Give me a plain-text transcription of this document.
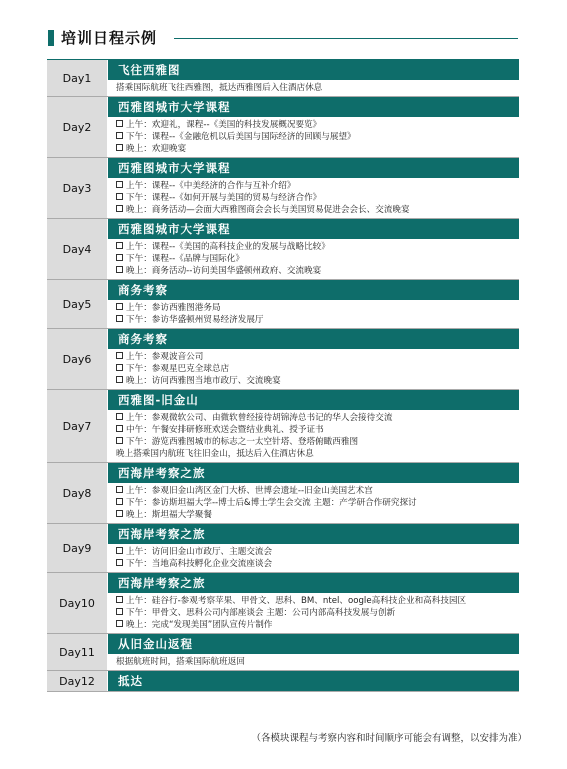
培训日程示例
Day1
飞往西雅图
搭乘国际航班飞往西雅图，抵达西雅图后入住酒店休息
Day2
西雅图城市大学课程
上午：欢迎礼，课程--《美国的科技发展概况要览》
下午：课程--《金融危机以后美国与国际经济的回顾与展望》
晚上：欢迎晚宴
Day3
西雅图城市大学课程
上午：课程--《中美经济的合作与互补介绍》
下午：课程--《如何开展与美国的贸易与经济合作》
晚上：商务活动—会面大西雅图商会会长与美国贸易促进会会长、交流晚宴
Day4
西雅图城市大学课程
上午：课程--《美国的高科技企业的发展与战略比较》
下午：课程--《品牌与国际化》
晚上：商务活动--访问美国华盛顿州政府、交流晚宴
Day5
商务考察
上午：参访西雅图港务局
下午：参访华盛顿州贸易经济发展厅
Day6
商务考察
上午：参观波音公司
下午：参观星巴克全球总店
晚上：访问西雅图当地市政厅、交流晚宴
Day7
西雅图-旧金山
上午：参观微软公司、由微软曾经接待胡锦涛总书记的华人会接待交流
中午：午餐安排研修班欢送会暨结业典礼、授予证书
下午：游览西雅图城市的标志之一太空针塔、登塔俯瞰西雅图
晚上搭乘国内航班飞往旧金山，抵达后入住酒店休息
Day8
西海岸考察之旅
上午：参观旧金山湾区金门大桥、世博会遗址--旧金山美国艺术宫
下午：参访斯坦福大学--博士后&博士学生会交流 主题：产学研合作研究探讨
晚上：斯坦福大学聚餐
Day9
西海岸考察之旅
上午：访问旧金山市政厅、主题交流会
下午：当地高科技孵化企业交流座谈会
Day10
西海岸考察之旅
上午：硅谷行-参观考察苹果、甲骨文、思科、BM、ntel、oogle高科技企业和高科技园区
下午：甲骨文、思科公司内部座谈会 主题：公司内部高科技发展与创新
晚上：完成“发现美国”团队宣传片制作
Day11
从旧金山返程
根据航班时间，搭乘国际航班返回
Day12	抵达
（各模块课程与考察内容和时间顺序可能会有调整，以安排为准）
